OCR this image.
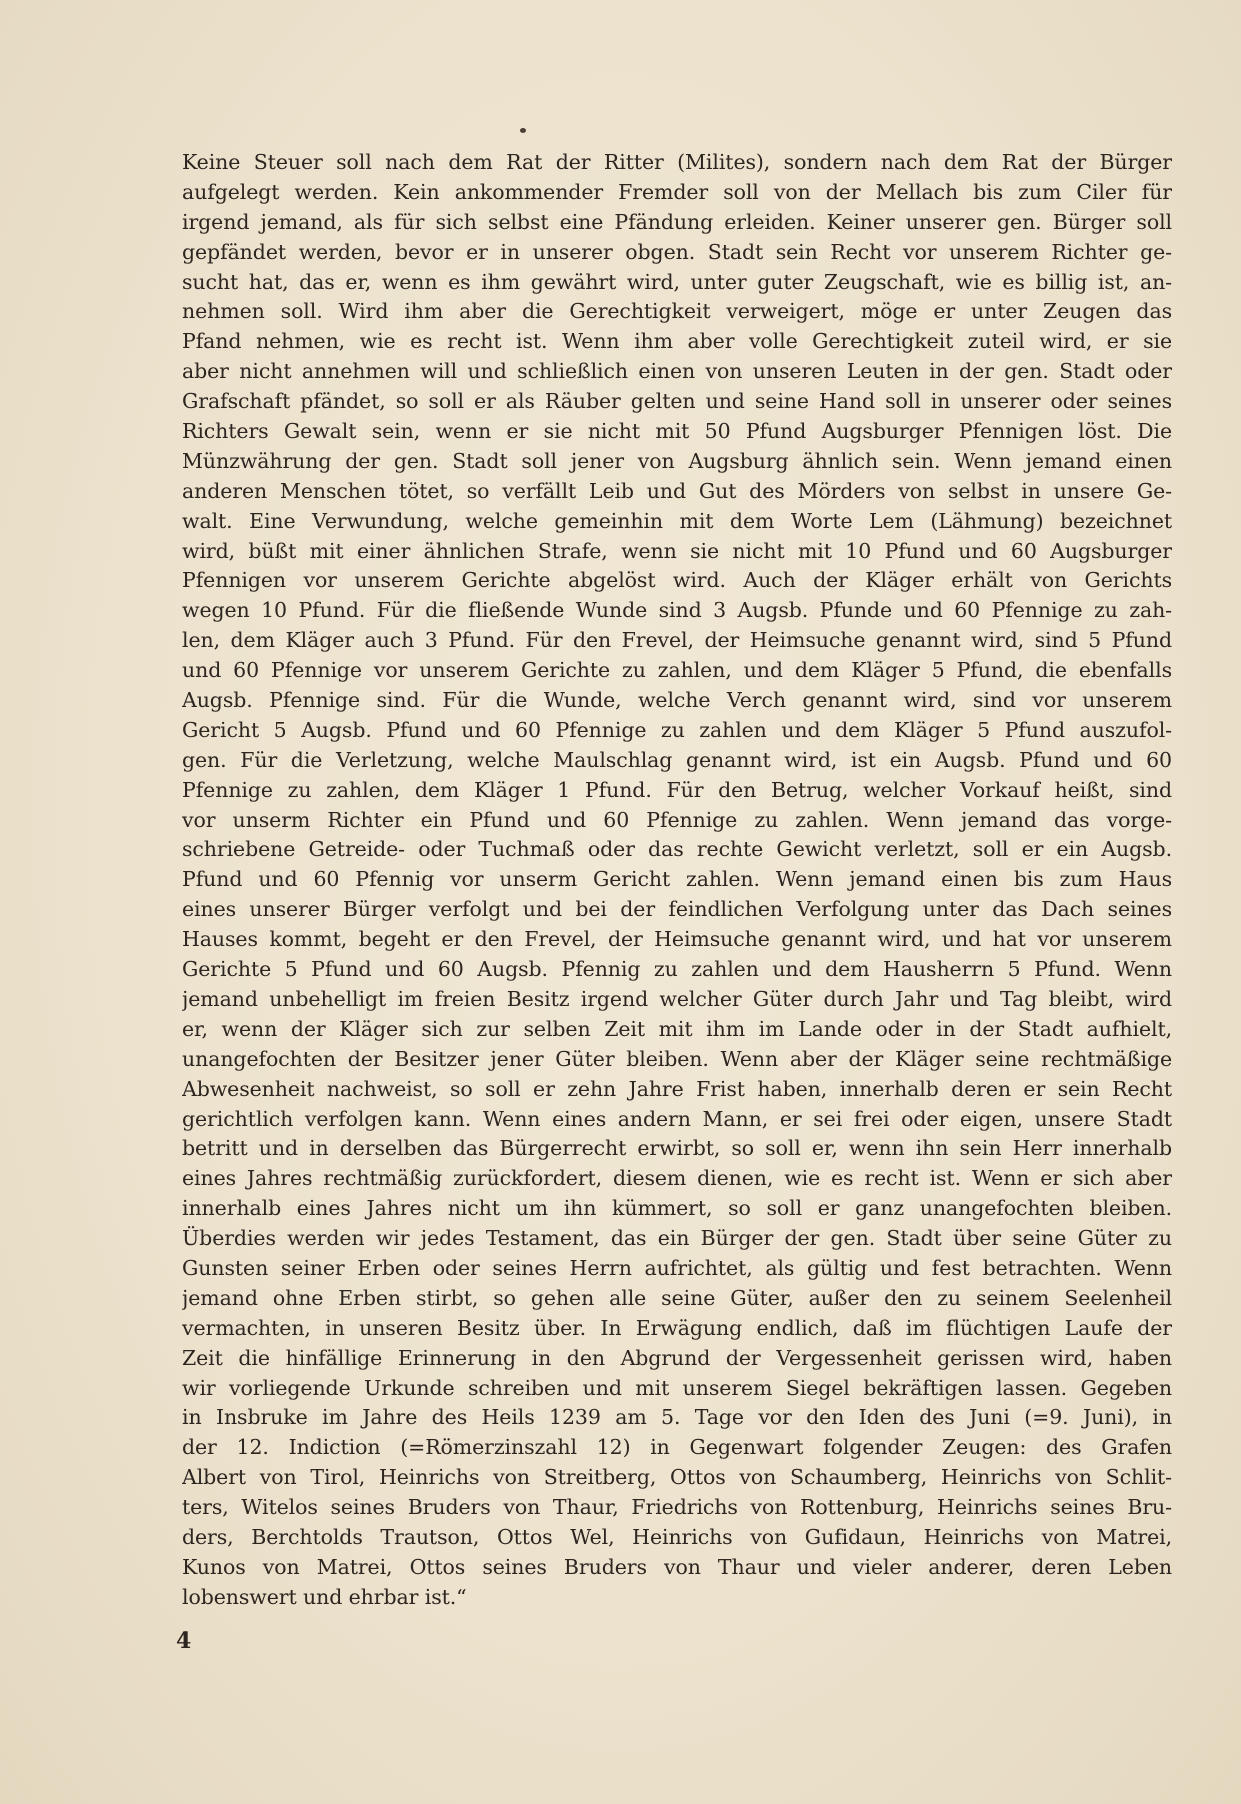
Keine Steuer soll nach dem Rat der Ritter (Milites), sondern nach dem Rat der Bürger
aufgelegt werden. Kein ankommender Fremder soll von der Mellach bis zum Ciler für
irgend jemand, als für sich selbst eine Pfändung erleiden. Keiner unserer gen. Bürger soll
gepfändet werden, bevor er in unserer obgen. Stadt sein Recht vor unserem Richter ge-
sucht hat, das er, wenn es ihm gewährt wird, unter guter Zeugschaft, wie es billig ist, an-
nehmen soll. Wird ihm aber die Gerechtigkeit verweigert, möge er unter Zeugen das
Pfand nehmen, wie es recht ist. Wenn ihm aber volle Gerechtigkeit zuteil wird, er sie
aber nicht annehmen will und schließlich einen von unseren Leuten in der gen. Stadt oder
Grafschaft pfändet, so soll er als Räuber gelten und seine Hand soll in unserer oder seines
Richters Gewalt sein, wenn er sie nicht mit 50 Pfund Augsburger Pfennigen löst. Die
Münzwährung der gen. Stadt soll jener von Augsburg ähnlich sein. Wenn jemand einen
anderen Menschen tötet, so verfällt Leib und Gut des Mörders von selbst in unsere Ge-
walt. Eine Verwundung, welche gemeinhin mit dem Worte Lem (Lähmung) bezeichnet
wird, büßt mit einer ähnlichen Strafe, wenn sie nicht mit 10 Pfund und 60 Augsburger
Pfennigen vor unserem Gerichte abgelöst wird. Auch der Kläger erhält von Gerichts
wegen 10 Pfund. Für die fließende Wunde sind 3 Augsb. Pfunde und 60 Pfennige zu zah-
len, dem Kläger auch 3 Pfund. Für den Frevel, der Heimsuche genannt wird, sind 5 Pfund
und 60 Pfennige vor unserem Gerichte zu zahlen, und dem Kläger 5 Pfund, die ebenfalls
Augsb. Pfennige sind. Für die Wunde, welche Verch genannt wird, sind vor unserem
Gericht 5 Augsb. Pfund und 60 Pfennige zu zahlen und dem Kläger 5 Pfund auszufol-
gen. Für die Verletzung, welche Maulschlag genannt wird, ist ein Augsb. Pfund und 60
Pfennige zu zahlen, dem Kläger 1 Pfund. Für den Betrug, welcher Vorkauf heißt, sind
vor unserm Richter ein Pfund und 60 Pfennige zu zahlen. Wenn jemand das vorge-
schriebene Getreide- oder Tuchmaß oder das rechte Gewicht verletzt, soll er ein Augsb.
Pfund und 60 Pfennig vor unserm Gericht zahlen. Wenn jemand einen bis zum Haus
eines unserer Bürger verfolgt und bei der feindlichen Verfolgung unter das Dach seines
Hauses kommt, begeht er den Frevel, der Heimsuche genannt wird, und hat vor unserem
Gerichte 5 Pfund und 60 Augsb. Pfennig zu zahlen und dem Hausherrn 5 Pfund. Wenn
jemand unbehelligt im freien Besitz irgend welcher Güter durch Jahr und Tag bleibt, wird
er, wenn der Kläger sich zur selben Zeit mit ihm im Lande oder in der Stadt aufhielt,
unangefochten der Besitzer jener Güter bleiben. Wenn aber der Kläger seine rechtmäßige
Abwesenheit nachweist, so soll er zehn Jahre Frist haben, innerhalb deren er sein Recht
gerichtlich verfolgen kann. Wenn eines andern Mann, er sei frei oder eigen, unsere Stadt
betritt und in derselben das Bürgerrecht erwirbt, so soll er, wenn ihn sein Herr innerhalb
eines Jahres rechtmäßig zurückfordert, diesem dienen, wie es recht ist. Wenn er sich aber
innerhalb eines Jahres nicht um ihn kümmert, so soll er ganz unangefochten bleiben.
Überdies werden wir jedes Testament, das ein Bürger der gen. Stadt über seine Güter zu
Gunsten seiner Erben oder seines Herrn aufrichtet, als gültig und fest betrachten. Wenn
jemand ohne Erben stirbt, so gehen alle seine Güter, außer den zu seinem Seelenheil
vermachten, in unseren Besitz über. In Erwägung endlich, daß im flüchtigen Laufe der
Zeit die hinfällige Erinnerung in den Abgrund der Vergessenheit gerissen wird, haben
wir vorliegende Urkunde schreiben und mit unserem Siegel bekräftigen lassen. Gegeben
in Insbruke im Jahre des Heils 1239 am 5. Tage vor den Iden des Juni (=9. Juni), in
der 12. Indiction (=Römerzinszahl 12) in Gegenwart folgender Zeugen: des Grafen
Albert von Tirol, Heinrichs von Streitberg, Ottos von Schaumberg, Heinrichs von Schlit-
ters, Witelos seines Bruders von Thaur, Friedrichs von Rottenburg, Heinrichs seines Bru-
ders, Berchtolds Trautson, Ottos Wel, Heinrichs von Gufidaun, Heinrichs von Matrei,
Kunos von Matrei, Ottos seines Bruders von Thaur und vieler anderer, deren Leben
lobenswert und ehrbar ist.“
4
